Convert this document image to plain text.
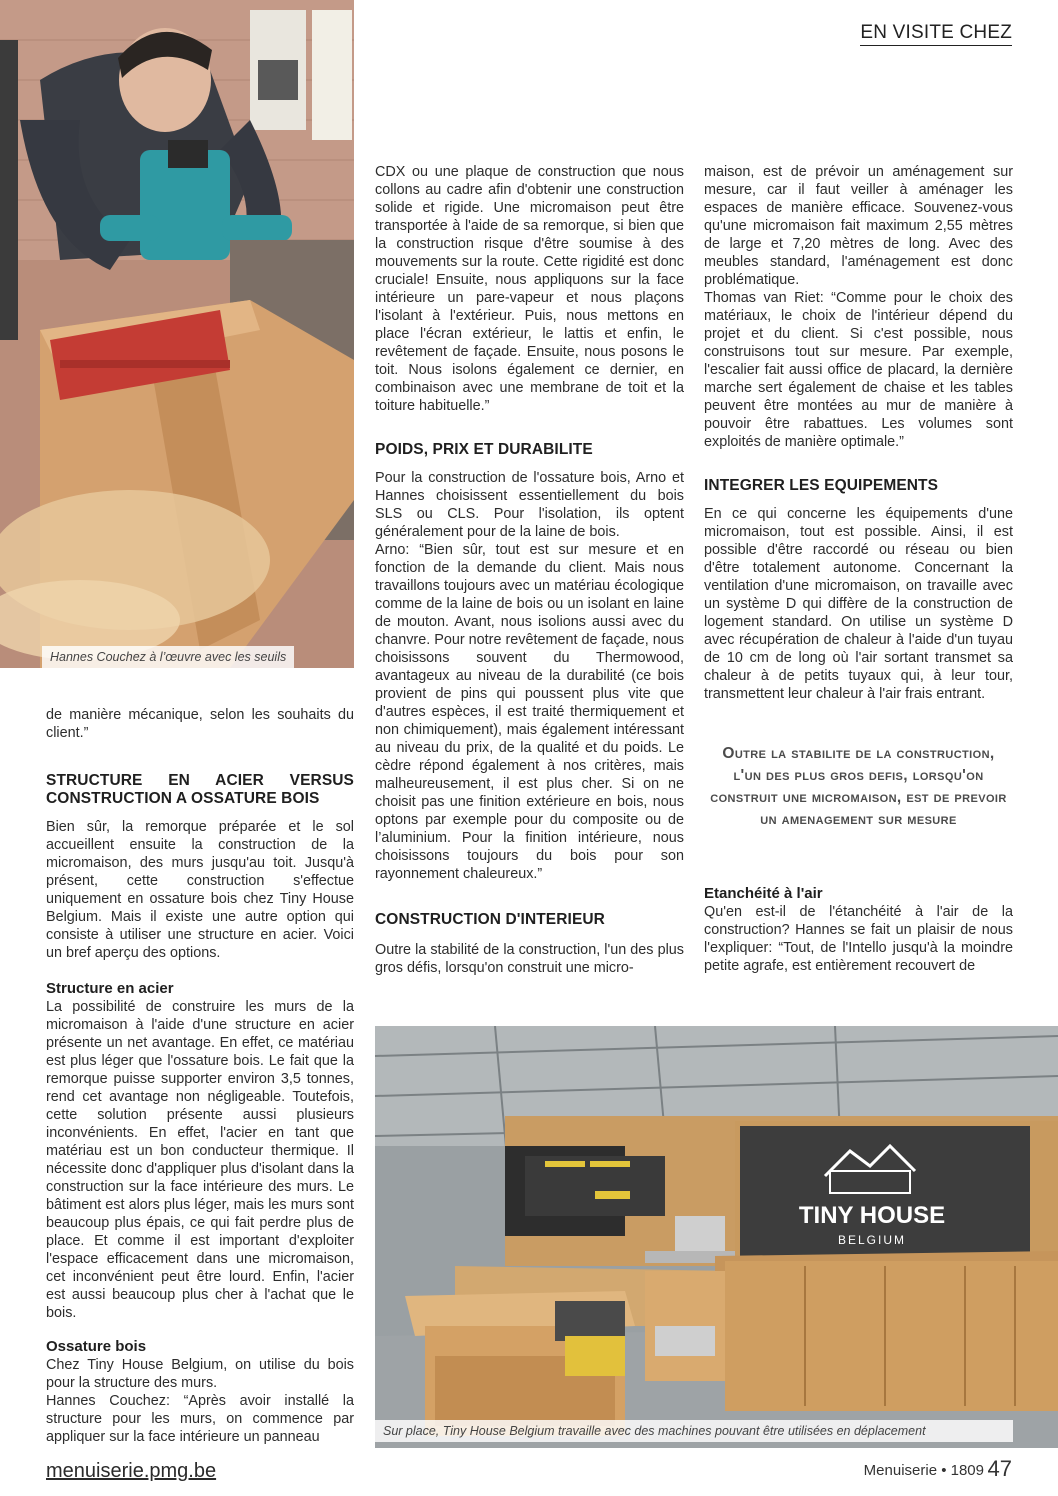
EN VISITE CHEZ
Hannes Couchez à l’œuvre avec les seuils

de manière mécanique, selon les souhaits du client.”

STRUCTURE EN ACIER VERSUS CONSTRUCTION A OSSATURE BOIS

Bien sûr, la remorque préparée et le sol accueillent ensuite la construction de la micromaison, des murs jusqu'au toit. Jusqu'à présent, cette construction s'effectue uniquement en ossature bois chez Tiny House Belgium. Mais il existe une autre option qui consiste à utiliser une structure en acier. Voici un bref aperçu des options.

Structure en acier

La possibilité de construire les murs de la micromaison à l'aide d'une structure en acier présente un net avantage. En effet, ce matériau est plus léger que l'ossature bois. Le fait que la remorque puisse supporter environ 3,5 tonnes, rend cet avantage non négligeable. Toutefois, cette solution présente aussi plusieurs inconvénients. En effet, l'acier en tant que matériau est un bon conducteur thermique. Il nécessite donc d'appliquer plus d'isolant dans la construction sur la face intérieure des murs. Le bâtiment est alors plus léger, mais les murs sont beaucoup plus épais, ce qui fait perdre plus de place. Et comme il est important d'exploiter l'espace efficacement dans une micromaison, cet inconvénient peut être lourd. Enfin, l'acier est aussi beaucoup plus cher à l'achat que le bois.

Ossature bois

Chez Tiny House Belgium, on utilise du bois pour la structure des murs.

Hannes Couchez: “Après avoir installé la structure pour les murs, on commence par appliquer sur la face intérieure un panneau

CDX ou une plaque de construction que nous collons au cadre afin d'obtenir une construction solide et rigide. Une micromaison peut être transportée à l'aide de sa remorque, si bien que la construction risque d'être soumise à des mouvements sur la route. Cette rigidité est donc cruciale! Ensuite, nous appliquons sur la face intérieure un pare-vapeur et nous plaçons l'isolant à l'extérieur. Puis, nous mettons en place l'écran extérieur, le lattis et enfin, le revêtement de façade. Ensuite, nous posons le toit. Nous isolons également ce dernier, en combinaison avec une membrane de toit et la toiture habituelle.”

POIDS, PRIX ET DURABILITE

Pour la construction de l'ossature bois, Arno et Hannes choisissent essentiellement du bois SLS ou CLS. Pour l'isolation, ils optent généralement pour de la laine de bois.

Arno: “Bien sûr, tout est sur mesure et en fonction de la demande du client. Mais nous travaillons toujours avec un matériau écologique comme de la laine de bois ou un isolant en laine de mouton. Avant, nous isolions aussi avec du chanvre. Pour notre revêtement de façade, nous choisissons souvent du Thermowood, avantageux au niveau de la durabilité (ce bois provient de pins qui poussent plus vite que d'autres espèces, il est traité thermiquement et non chimiquement), mais également intéressant au niveau du prix, de la qualité et du poids. Le cèdre répond également à nos critères, mais malheureusement, il est plus cher. Si on ne choisit pas une finition extérieure en bois, nous optons par exemple pour du composite ou de l’aluminium. Pour la finition intérieure, nous choisissons toujours du bois pour son rayonnement chaleureux.”

CONSTRUCTION D'INTERIEUR

Outre la stabilité de la construction, l'un des plus gros défis, lorsqu'on construit une micro-

maison, est de prévoir un aménagement sur mesure, car il faut veiller à aménager les espaces de manière efficace. Souvenez-vous qu'une micromaison fait maximum 2,55 mètres de large et 7,20 mètres de long. Avec des meubles standard, l'aménagement est donc problématique.

Thomas van Riet: “Comme pour le choix des matériaux, le choix de l'intérieur dépend du projet et du client. Si c'est possible, nous construisons tout sur mesure. Par exemple, l'escalier fait aussi office de placard, la dernière marche sert également de chaise et les tables peuvent être montées au mur de manière à pouvoir être rabattues. Les volumes sont exploités de manière optimale.”

INTEGRER LES EQUIPEMENTS

En ce qui concerne les équipements d'une micromaison, tout est possible. Ainsi, il est possible d'être raccordé ou réseau ou bien d'être totalement autonome. Concernant la ventilation d'une micromaison, on travaille avec un système D qui diffère de la construction de logement standard. On utilise un système D avec récupération de chaleur à l'aide d'un tuyau de 10 cm de long où l'air sortant transmet sa chaleur à de petits tuyaux qui, à leur tour, transmettent leur chaleur à l'air frais entrant.

Outre la stabilite de la construction, l'un des plus gros defis, lorsqu'on construit une micromaison, est de prevoir un amenagement sur mesure
Etanchéité à l'air

Qu'en est-il de l'étanchéité à l'air de la construction? Hannes se fait un plaisir de nous l'expliquer: “Tout, de l'Intello jusqu'à la moindre petite agrafe, est entièrement recouvert de

TINY HOUSE
BELGIUM
Sur place, Tiny House Belgium travaille avec des machines pouvant être utilisées en déplacement
menuiserie.pmg.be	Menuiserie • 1809 47
